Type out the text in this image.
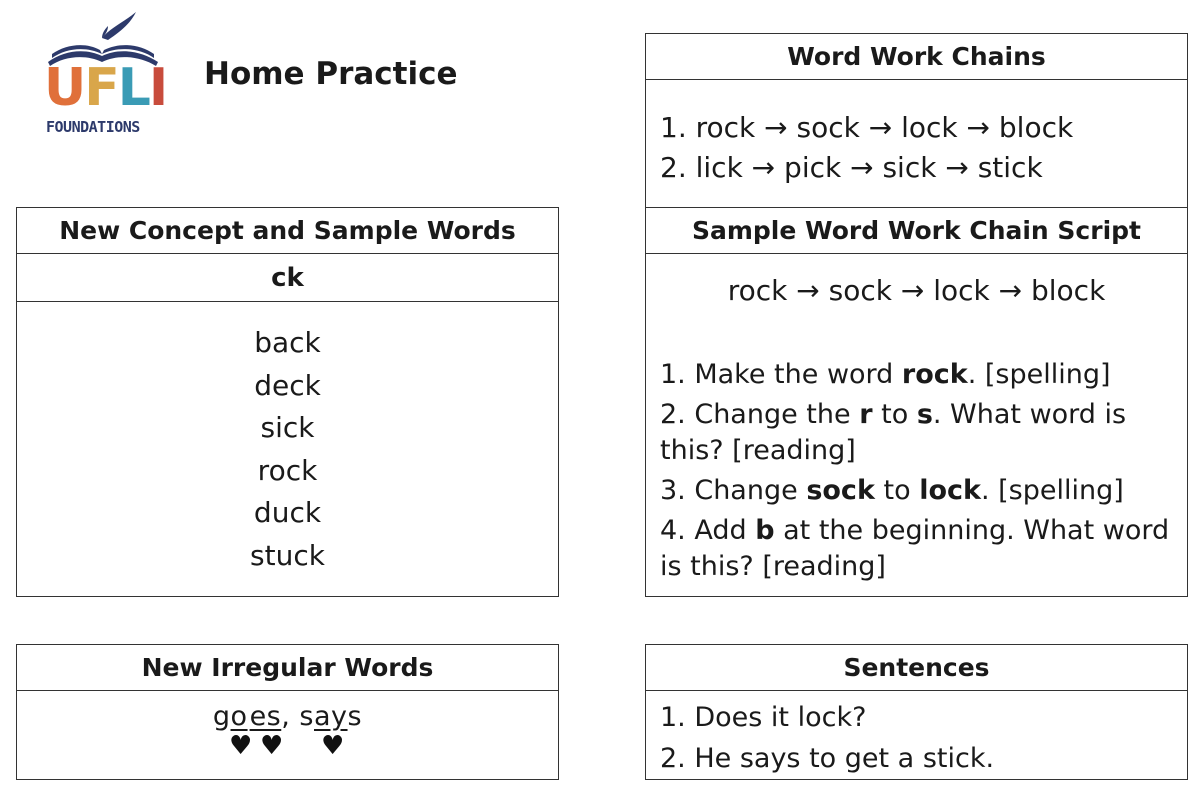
UFLI
FOUNDATIONS
Home Practice
New Concept and Sample Words
ck
back
deck
sick
rock
duck
stuck
Word Work Chains
1. rock → sock → lock → block
2. lick → pick → sick → stick
Sample Word Work Chain Script
rock → sock → lock → block
1. Make the word rock. [spelling]
2. Change the r to s. What word is this? [reading]
3. Change sock to lock. [spelling]
4. Add b at the beginning. What word is this? [reading]
New Irregular Words
goes, says
♥ ♥ ♥
Sentences
1. Does it lock?
2. He says to get a stick.
